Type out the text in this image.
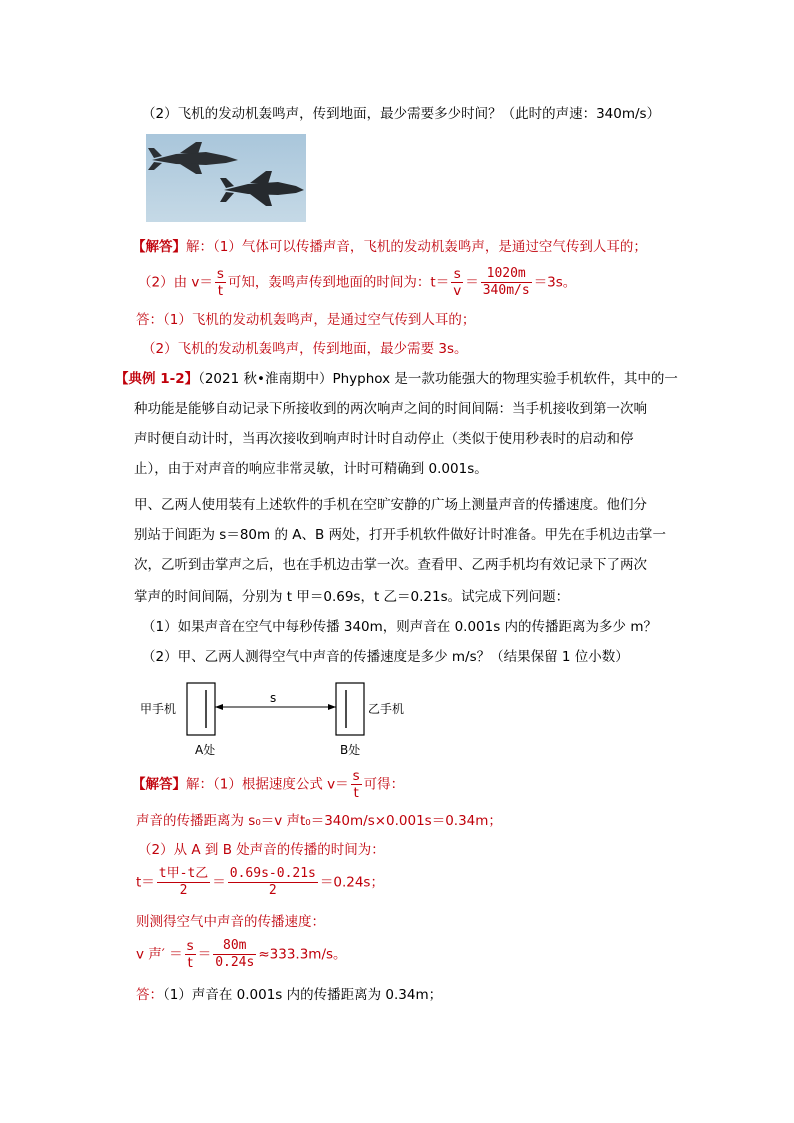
（2）飞机的发动机轰鸣声，传到地面，最少需要多少时间？（此时的声速：340m/s）
【解答】解：（1）气体可以传播声音，飞机的发动机轰鸣声，是通过空气传到人耳的；
（2）由 $v= \frac{s}{t}$ 可知，轰鸣声传到地面的时间为：$t= \frac{s}{v} = \frac{1020m}{340m/s} =3s$。
答：（1）飞机的发动机轰鸣声，是通过空气传到人耳的；
（2）飞机的发动机轰鸣声，传到地面，最少需要 3s。
【典例 1-2】（2021 秋•淮南期中）Phyphox 是一款功能强大的物理实验手机软件，其中的一
种功能是能够自动记录下所接收到的两次响声之间的时间间隔：当手机接收到第一次响
声时便自动计时，当再次接收到响声时计时自动停止（类似于使用秒表时的启动和停
止），由于对声音的响应非常灵敏，计时可精确到 0.001s。
甲、乙两人使用装有上述软件的手机在空旷安静的广场上测量声音的传播速度。他们分
别站于间距为 s＝80m 的 A、B 两处，打开手机软件做好计时准备。甲先在手机边击掌一
次，乙听到击掌声之后，也在手机边击掌一次。查看甲、乙两手机均有效记录下了两次
掌声的时间间隔，分别为 t 甲＝0.69s，t 乙＝0.21s。试完成下列问题：
（1）如果声音在空气中每秒传播 340m，则声音在 0.001s 内的传播距离为多少 m？
（2）甲、乙两人测得空气中声音的传播速度是多少 m/s？（结果保留 1 位小数）
甲手机	乙手机
s
A处	B处
【解答】解：（1）根据速度公式 $v= \frac{s}{t}$ 可得：
声音的传播距离为 s₀＝v 声t₀＝340m/s×0.001s＝0.34m；
（2）从 A 到 B 处声音的传播的时间为：
$t= \frac{\text{t甲-t乙}}{2} = \frac{0.69s-0.21s}{2} =0.24s$；
则测得空气中声音的传播速度：
v 声′ ＝ $\frac{s}{t} = \frac{80m}{0.24s} \approx 333.3m/s$。
答：（1）声音在 0.001s 内的传播距离为 0.34m；
